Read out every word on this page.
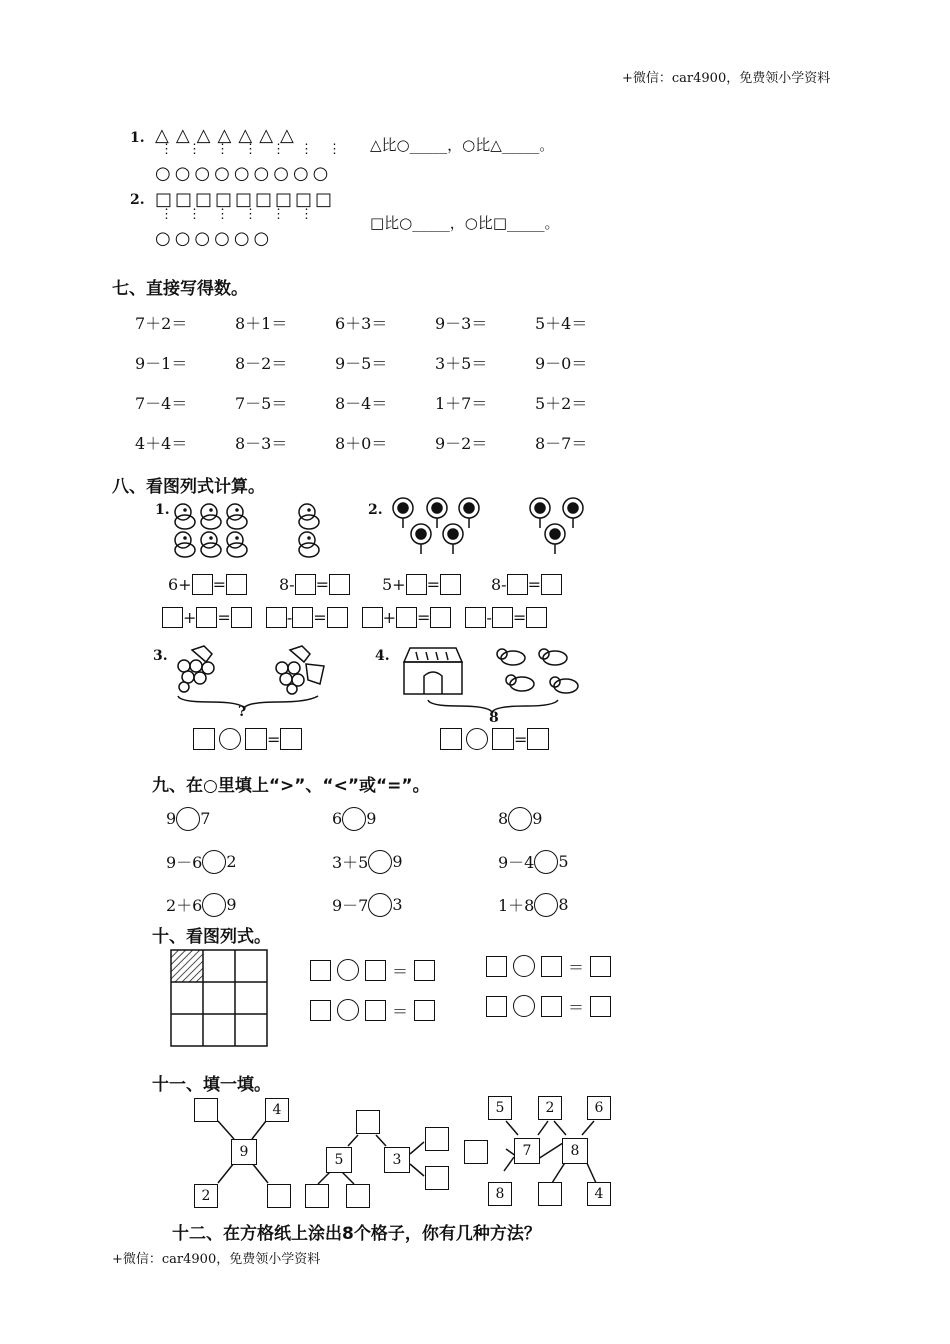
+微信：car4900，免费领小学资料
1. △△△△△△△
⋮⋮⋮⋮⋮⋮⋮
○○○○○○○○○
△比○_____，○比△_____。
2. □□□□□□□□□
⋮⋮⋮⋮⋮⋮
○○○○○○
□比○_____，○比□_____。
七、直接写得数。
7＋2＝	8＋1＝	6＋3＝	9－3＝	5＋4＝
9－1＝	8－2＝	9－5＝	3＋5＝	9－0＝
7－4＝	7－5＝	8－4＝	1＋7＝	5＋2＝
4＋4＝	8－3＝	8＋0＝	9－2＝	8－7＝
八、看图列式计算。
1.	2.
6+ =	8- =	5+ =	8- =
+ =	- =	+ =	- =
3.	4.
?
=
8
=
九、在○里填上“>”、“<”或“=”。
9 7	6 9	8 9
9－6 2	3＋5 9	9－4 5
2＋6 9	9－7 3	1＋8 8
十、看图列式。
＝
＝
＝
＝
十一、填一填。
4
9
2
5	3
5	2	6
7	8
8	4
十二、在方格纸上涂出8个格子，你有几种方法？
+微信：car4900，免费领小学资料
